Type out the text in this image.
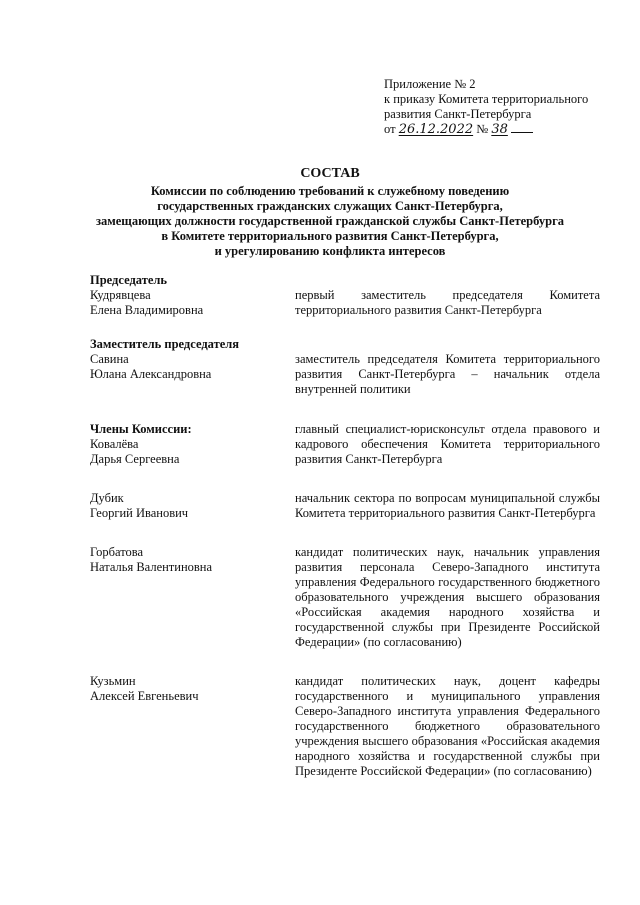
Приложение № 2
к приказу Комитета территориального
развития Санкт-Петербурга
от 26.12.2022 № 38
СОСТАВ
Комиссии по соблюдению требований к служебному поведению
государственных гражданских служащих Санкт-Петербурга,
замещающих должности государственной гражданской службы Санкт-Петербурга
в Комитете территориального развития Санкт-Петербурга,
и урегулированию конфликта интересов
Председатель
Кудрявцева
Елена Владимировна
первый заместитель председателя Комитета территориального развития Санкт-Петербурга
Заместитель председателя
Савина
Юлана Александровна
заместитель председателя Комитета территориального развития Санкт-Петербурга – начальник отдела внутренней политики
Члены Комиссии:
Ковалёва
Дарья Сергеевна
главный специалист-юрисконсульт отдела правового и кадрового обеспечения Комитета территориального развития Санкт-Петербурга
Дубик
Георгий Иванович
начальник сектора по вопросам муниципальной службы Комитета территориального развития Санкт-Петербурга
Горбатова
Наталья Валентиновна
кандидат политических наук, начальник управления развития персонала Северо-Западного института управления Федерального государственного бюджетного образовательного учреждения высшего образования «Российская академия народного хозяйства и государственной службы при Президенте Российской Федерации» (по согласованию)
Кузьмин
Алексей Евгеньевич
кандидат политических наук, доцент кафедры государственного и муниципального управления Северо-Западного института управления Федерального государственного бюджетного образовательного учреждения высшего образования «Российская академия народного хозяйства и государственной службы при Президенте Российской Федерации» (по согласованию)
